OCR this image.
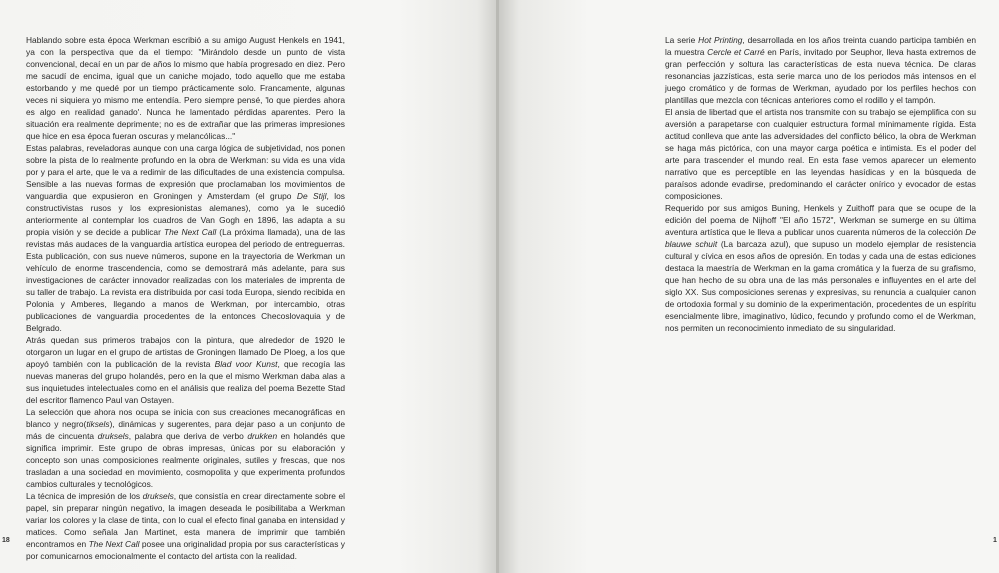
Hablando sobre esta época Werkman escribió a su amigo August Henkels en 1941, ya con la perspectiva que da el tiempo: "Mirándolo desde un punto de vista convencional, decaí en un par de años lo mismo que había progresado en diez. Pero me sacudí de encima, igual que un caniche mojado, todo aquello que me estaba estorbando y me quedé por un tiempo prácticamente solo. Francamente, algunas veces ni siquiera yo mismo me entendía. Pero siempre pensé, 'lo que pierdes ahora es algo en realidad ganado'. Nunca he lamentado pérdidas aparentes. Pero la situación era realmente deprimente; no es de extrañar que las primeras impresiones que hice en esa época fueran oscuras y melancólicas..."

Estas palabras, reveladoras aunque con una carga lógica de subjetividad, nos ponen sobre la pista de lo realmente profundo en la obra de Werkman: su vida es una vida por y para el arte, que le va a redimir de las dificultades de una existencia compulsa. Sensible a las nuevas formas de expresión que proclamaban los movimientos de vanguardia que expusieron en Groningen y Amsterdam (el grupo De Stijl, los constructivistas rusos y los expresionistas alemanes), como ya le sucedió anteriormente al contemplar los cuadros de Van Gogh en 1896, las adapta a su propia visión y se decide a publicar The Next Call (La próxima llamada), una de las revistas más audaces de la vanguardia artística europea del periodo de entreguerras. Esta publicación, con sus nueve números, supone en la trayectoria de Werkman un vehículo de enorme trascendencia, como se demostrará más adelante, para sus investigaciones de carácter innovador realizadas con los materiales de imprenta de su taller de trabajo. La revista era distribuida por casi toda Europa, siendo recibida en Polonia y Amberes, llegando a manos de Werkman, por intercambio, otras publicaciones de vanguardia procedentes de la entonces Checoslovaquia y de Belgrado.

Atrás quedan sus primeros trabajos con la pintura, que alrededor de 1920 le otorgaron un lugar en el grupo de artistas de Groningen llamado De Ploeg, a los que apoyó también con la publicación de la revista Blad voor Kunst, que recogía las nuevas maneras del grupo holandés, pero en la que el mismo Werkman daba alas a sus inquietudes intelectuales como en el análisis que realiza del poema Bezette Stad del escritor flamenco Paul van Ostayen.

La selección que ahora nos ocupa se inicia con sus creaciones mecanográficas en blanco y negro(tiksels), dinámicas y sugerentes, para dejar paso a un conjunto de más de cincuenta druksels, palabra que deriva de verbo drukken en holandés que significa imprimir. Este grupo de obras impresas, únicas por su elaboración y concepto son unas composiciones realmente originales, sutiles y frescas, que nos trasladan a una sociedad en movimiento, cosmopolita y que experimenta profundos cambios culturales y tecnológicos.

La técnica de impresión de los druksels, que consistía en crear directamente sobre el papel, sin preparar ningún negativo, la imagen deseada le posibilitaba a Werkman variar los colores y la clase de tinta, con lo cual el efecto final ganaba en intensidad y matices. Como señala Jan Martinet, esta manera de imprimir que también encontramos en The Next Call posee una originalidad propia por sus características y por comunicarnos emocionalmente el contacto del artista con la realidad.

18

La serie Hot Printing, desarrollada en los años treinta cuando participa también en la muestra Cercle et Carré en París, invitado por Seuphor, lleva hasta extremos de gran perfección y soltura las características de esta nueva técnica. De claras resonancias jazzísticas, esta serie marca uno de los periodos más intensos en el juego cromático y de formas de Werkman, ayudado por los perfiles hechos con plantillas que mezcla con técnicas anteriores como el rodillo y el tampón.

El ansia de libertad que el artista nos transmite con su trabajo se ejemplifica con su aversión a parapetarse con cualquier estructura formal mínimamente rígida. Esta actitud conlleva que ante las adversidades del conflicto bélico, la obra de Werkman se haga más pictórica, con una mayor carga poética e intimista. Es el poder del arte para trascender el mundo real. En esta fase vemos aparecer un elemento narrativo que es perceptible en las leyendas hasídicas y en la búsqueda de paraísos adonde evadirse, predominando el carácter onírico y evocador de estas composiciones.

Requerido por sus amigos Buning, Henkels y Zuithoff para que se ocupe de la edición del poema de Nijhoff "El año 1572", Werkman se sumerge en su última aventura artística que le lleva a publicar unos cuarenta números de la colección De blauwe schuit (La barcaza azul), que supuso un modelo ejemplar de resistencia cultural y cívica en esos años de opresión. En todas y cada una de estas ediciones destaca la maestría de Werkman en la gama cromática y la fuerza de su grafismo, que han hecho de su obra una de las más personales e influyentes en el arte del siglo XX. Sus composiciones serenas y expresivas, su renuncia a cualquier canon de ortodoxia formal y su dominio de la experimentación, procedentes de un espíritu esencialmente libre, imaginativo, lúdico, fecundo y profundo como el de Werkman, nos permiten un reconocimiento inmediato de su singularidad.

1
